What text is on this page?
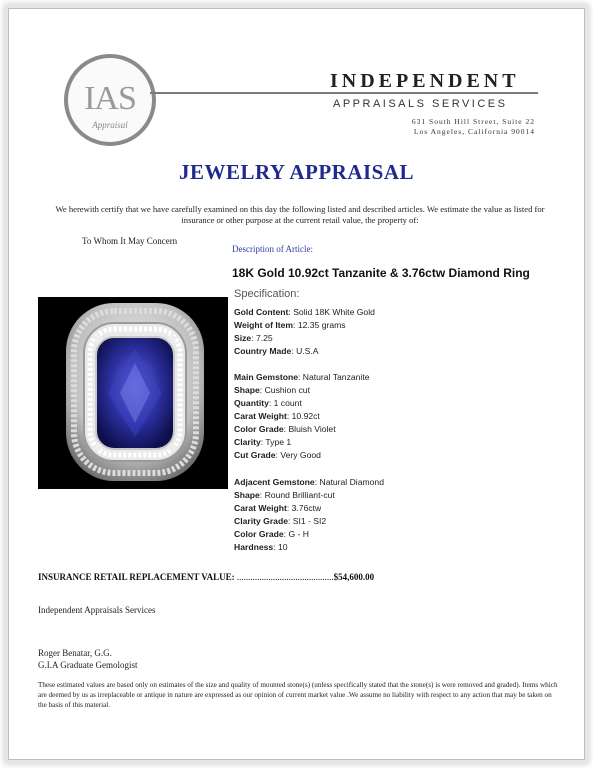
IAS
Appraisal
INDEPENDENT
APPRAISALS SERVICES
631 South Hill Street, Suite 22
Los Angeles, California 90014
JEWELRY APPRAISAL
We herewith certify that we have carefully examined on this day the following listed and described articles. We estimate the value as listed for insurance or other purpose at the current retail value, the property of:
To Whom It May Concern
Description of Article:
18K Gold 10.92ct Tanzanite & 3.76ctw Diamond Ring
Specification:
Gold Content: Solid 18K White Gold
Weight of Item: 12.35 grams
Size: 7.25
Country Made: U.S.A
Main Gemstone: Natural Tanzanite
Shape: Cushion cut
Quantity: 1 count
Carat Weight: 10.92ct
Color Grade: Bluish Violet
Clarity: Type 1
Cut Grade: Very Good
Adjacent Gemstone: Natural Diamond
Shape: Round Brilliant-cut
Carat Weight: 3.76ctw
Clarity Grade: SI1 - SI2
Color Grade: G - H
Hardness: 10
INSURANCE RETAIL REPLACEMENT VALUE: ...........................................$54,600.00
Independent Appraisals Services
Roger Benatar, G.G.
G.I.A Graduate Gemologist
These estimated values are based only on estimates of the size and quality of mounted stone(s) (unless specifically stated that the stone(s) is were removed and graded). Items which are deemed by us as irreplaceable or antique in nature are expressed as our opinion of current market value .We assume no liability with respect to any action that may be taken on the basis of this material.
